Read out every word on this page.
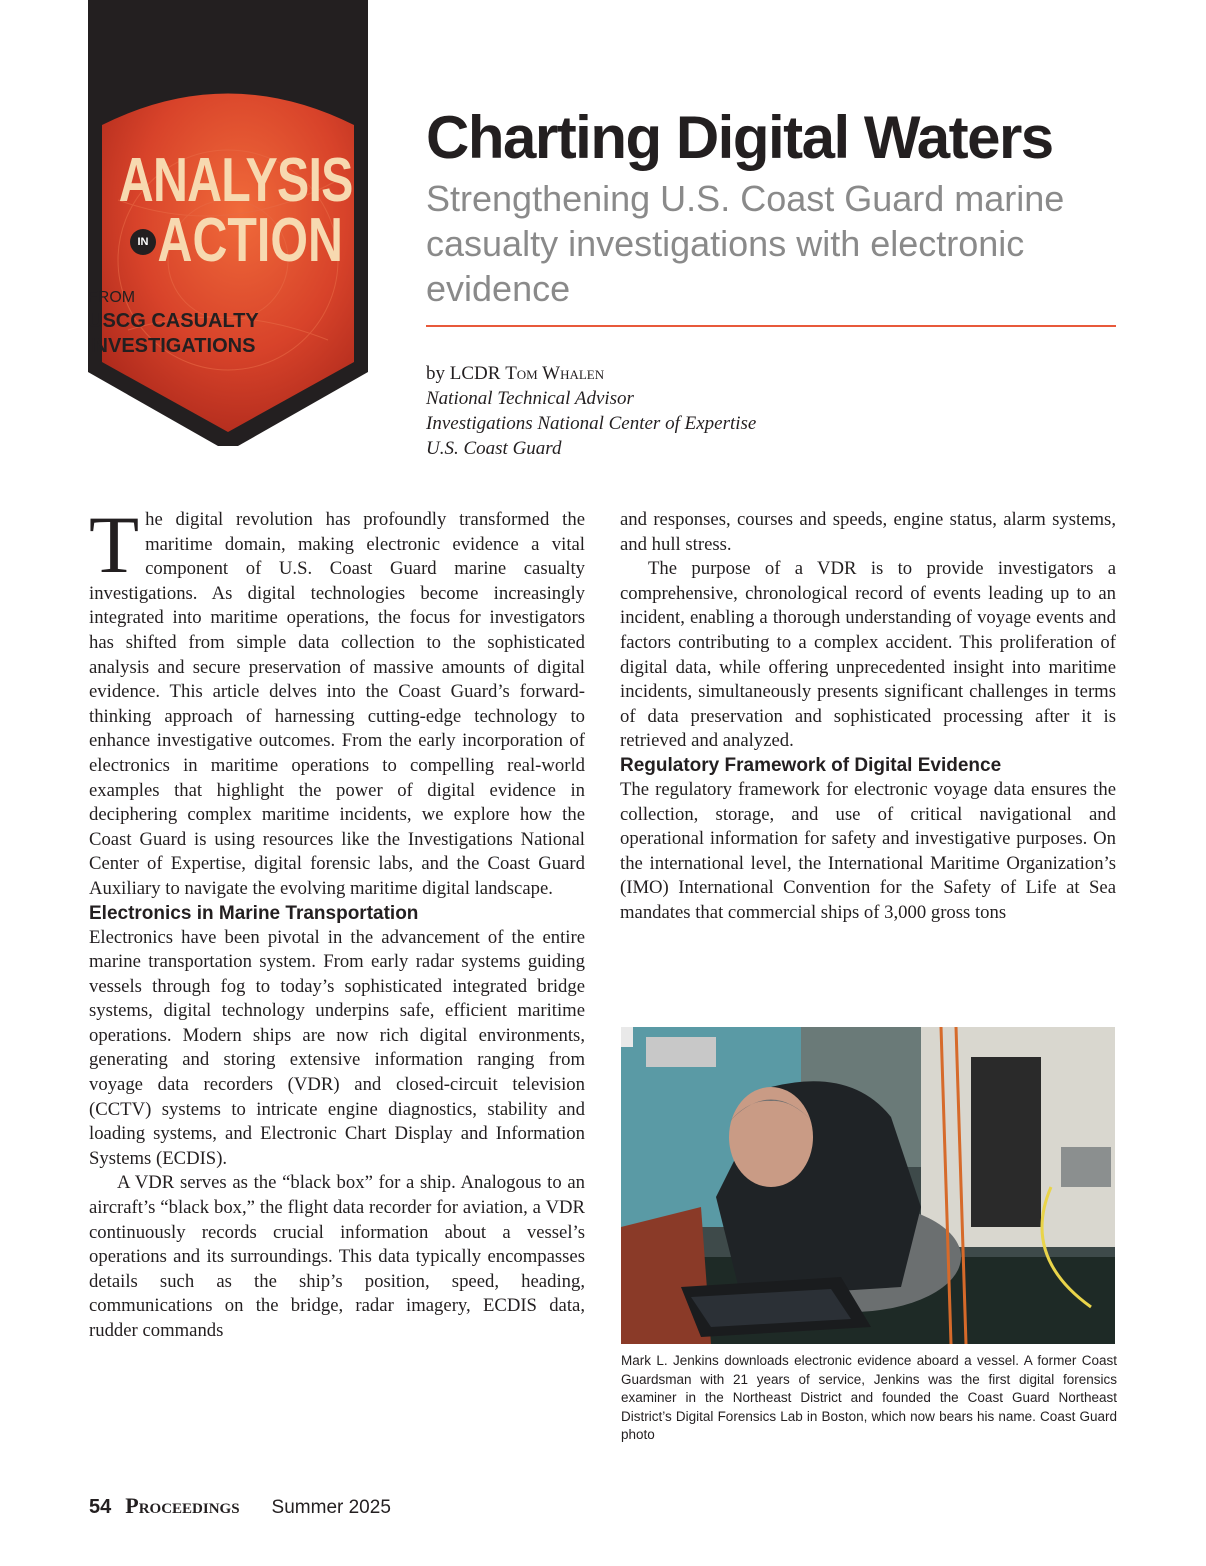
ANALYSIS
IN ACTION
FROM
USCG CASUALTY
INVESTIGATIONS
Charting Digital Waters

Strengthening U.S. Coast Guard marine casualty investigations with electronic evidence

by LCDR Tom Whalen
National Technical Advisor
Investigations National Center of Expertise
U.S. Coast Guard

The digital revolution has profoundly transformed the maritime domain, making electronic evidence a vital component of U.S. Coast Guard marine casualty investigations. As digital technologies become increasingly integrated into maritime operations, the focus for investigators has shifted from simple data collection to the sophisticated analysis and secure preservation of massive amounts of digital evidence. This article delves into the Coast Guard’s forward-thinking approach of harnessing cutting-edge technology to enhance investigative outcomes. From the early incorporation of electronics in maritime operations to compelling real-world examples that highlight the power of digital evidence in deciphering complex maritime incidents, we explore how the Coast Guard is using resources like the Investigations National Center of Expertise, digital forensic labs, and the Coast Guard Auxiliary to navigate the evolving maritime digital landscape.

Electronics in Marine Transportation

Electronics have been pivotal in the advancement of the entire marine transportation system. From early radar systems guiding vessels through fog to today’s sophisticated integrated bridge systems, digital technology underpins safe, efficient maritime operations. Modern ships are now rich digital environments, generating and storing extensive information ranging from voyage data recorders (VDR) and closed-circuit television (CCTV) systems to intricate engine diagnostics, stability and loading systems, and Electronic Chart Display and Information Systems (ECDIS).

A VDR serves as the “black box” for a ship. Analogous to an aircraft’s “black box,” the flight data recorder for aviation, a VDR continuously records crucial information about a vessel’s operations and its surroundings. This data typically encompasses details such as the ship’s position, speed, heading, communications on the bridge, radar imagery, ECDIS data, rudder commands

and responses, courses and speeds, engine status, alarm systems, and hull stress.

The purpose of a VDR is to provide investigators a comprehensive, chronological record of events leading up to an incident, enabling a thorough understanding of voyage events and factors contributing to a complex accident. This proliferation of digital data, while offering unprecedented insight into maritime incidents, simultaneously presents significant challenges in terms of data preservation and sophisticated processing after it is retrieved and analyzed.

Regulatory Framework of Digital Evidence

The regulatory framework for electronic voyage data ensures the collection, storage, and use of critical navigational and operational information for safety and investigative purposes. On the international level, the International Maritime Organization’s (IMO) International Convention for the Safety of Life at Sea mandates that commercial ships of 3,000 gross tons

Mark L. Jenkins downloads electronic evidence aboard a vessel. A former Coast Guardsman with 21 years of service, Jenkins was the first digital forensics examiner in the Northeast District and founded the Coast Guard Northeast District’s Digital Forensics Lab in Boston, which now bears his name. Coast Guard photo
54 Proceedings Summer 2025
